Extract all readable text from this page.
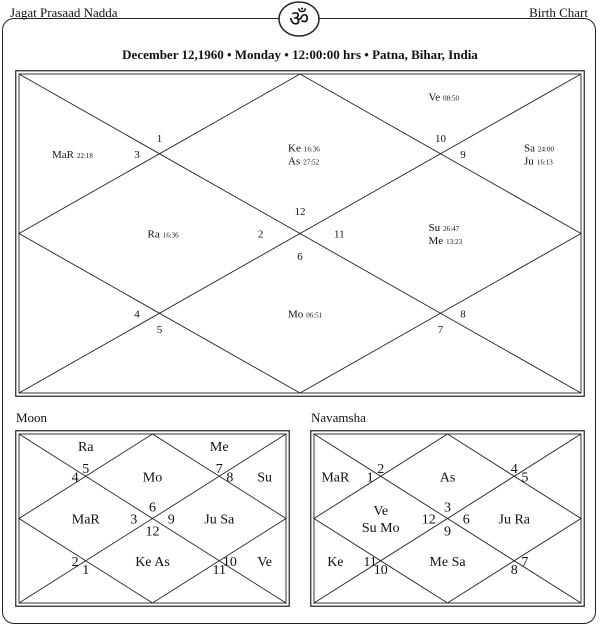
Jagat Prasaad Nadda	Birth Chart
ॐ
December 12,1960 • Monday • 12:00:00 hrs • Patna, Bihar, India
12
Ke 16:36
As 27:52
1
3
MaR 22:18
2
Ra 16:36
4
5
6
Mo 06:51
7
8
11
Su 26:47
Me 13:23
9
Sa 24:00
Ju 16:13
10
Ve 08:50
Moon
6
Mo
5
Ra
4
3
MaR
2
1
12
Ke As
11
10 Ve
9 Ju Sa
8 Su
7
Me
Navamsha
3
As
2
1
MaR
12
Ve
Su Mo
11
Ke
10
9
Me Sa
8
7
6 Ju Ra
5
4
